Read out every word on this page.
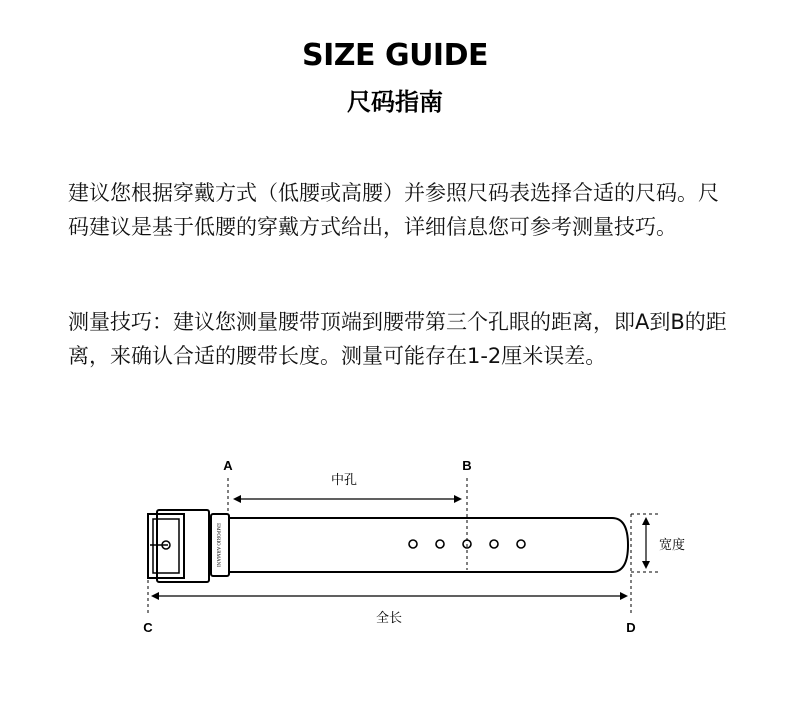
SIZE GUIDE
尺码指南
建议您根据穿戴方式（低腰或高腰）并参照尺码表选择合适的尺码。尺码建议是基于低腰的穿戴方式给出，详细信息您可参考测量技巧。
测量技巧：建议您测量腰带顶端到腰带第三个孔眼的距离，即A到B的距离，来确认合适的腰带长度。测量可能存在1-2厘米误差。
EMPORIO ARMANI
A	B
C	D
中孔
全长
宽度
